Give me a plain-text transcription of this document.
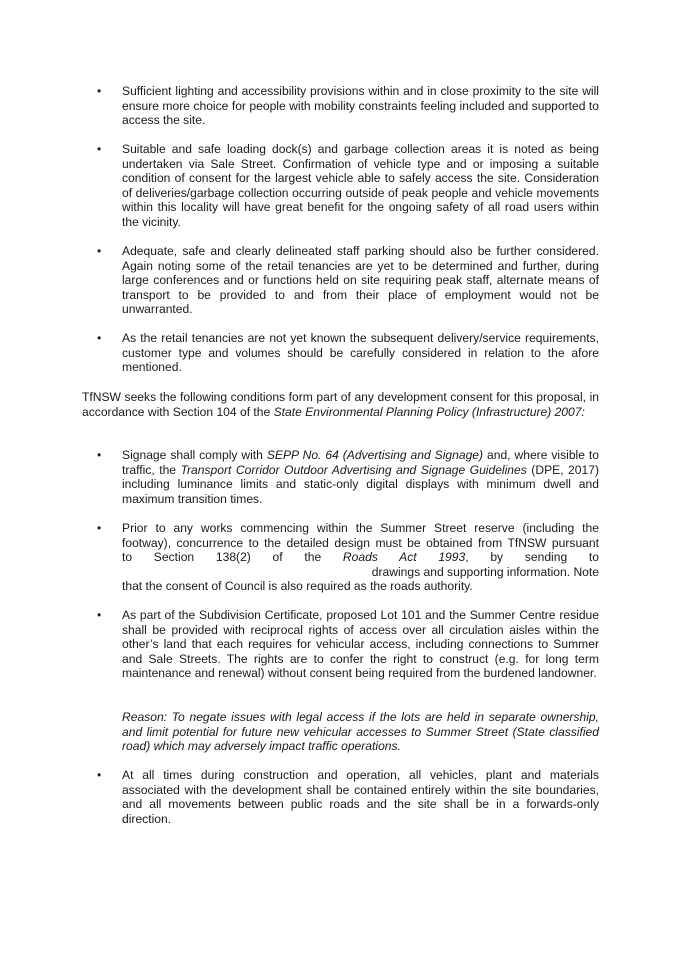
•	Sufficient lighting and accessibility provisions within and in close proximity to the site will ensure more choice for people with mobility constraints feeling included and supported to access the site.
•	Suitable and safe loading dock(s) and garbage collection areas it is noted as being undertaken via Sale Street. Confirmation of vehicle type and or imposing a suitable condition of consent for the largest vehicle able to safely access the site. Consideration of deliveries/garbage collection occurring outside of peak people and vehicle movements within this locality will have great benefit for the ongoing safety of all road users within the vicinity.
•	Adequate, safe and clearly delineated staff parking should also be further considered. Again noting some of the retail tenancies are yet to be determined and further, during large conferences and or functions held on site requiring peak staff, alternate means of transport to be provided to and from their place of employment would not be unwarranted.
•	As the retail tenancies are not yet known the subsequent delivery/service requirements, customer type and volumes should be carefully considered in relation to the afore mentioned.
TfNSW seeks the following conditions form part of any development consent for this proposal, in accordance with Section 104 of the State Environmental Planning Policy (Infrastructure) 2007:
•	Signage shall comply with SEPP No. 64 (Advertising and Signage) and, where visible to traffic, the Transport Corridor Outdoor Advertising and Signage Guidelines (DPE, 2017) including luminance limits and static-only digital displays with minimum dwell and maximum transition times.
•	Prior to any works commencing within the Summer Street reserve (including the
footway), concurrence to the detailed design must be obtained from TfNSW pursuant
to Section 138(2) of the Roads Act 1993, by sending to
drawings and supporting information. Note
that the consent of Council is also required as the roads authority.
•	As part of the Subdivision Certificate, proposed Lot 101 and the Summer Centre residue shall be provided with reciprocal rights of access over all circulation aisles within the other’s land that each requires for vehicular access, including connections to Summer and Sale Streets. The rights are to confer the right to construct (e.g. for long term maintenance and renewal) without consent being required from the burdened landowner.
Reason: To negate issues with legal access if the lots are held in separate ownership, and limit potential for future new vehicular accesses to Summer Street (State classified road) which may adversely impact traffic operations.
•	At all times during construction and operation, all vehicles, plant and materials associated with the development shall be contained entirely within the site boundaries, and all movements between public roads and the site shall be in a forwards-only direction.
